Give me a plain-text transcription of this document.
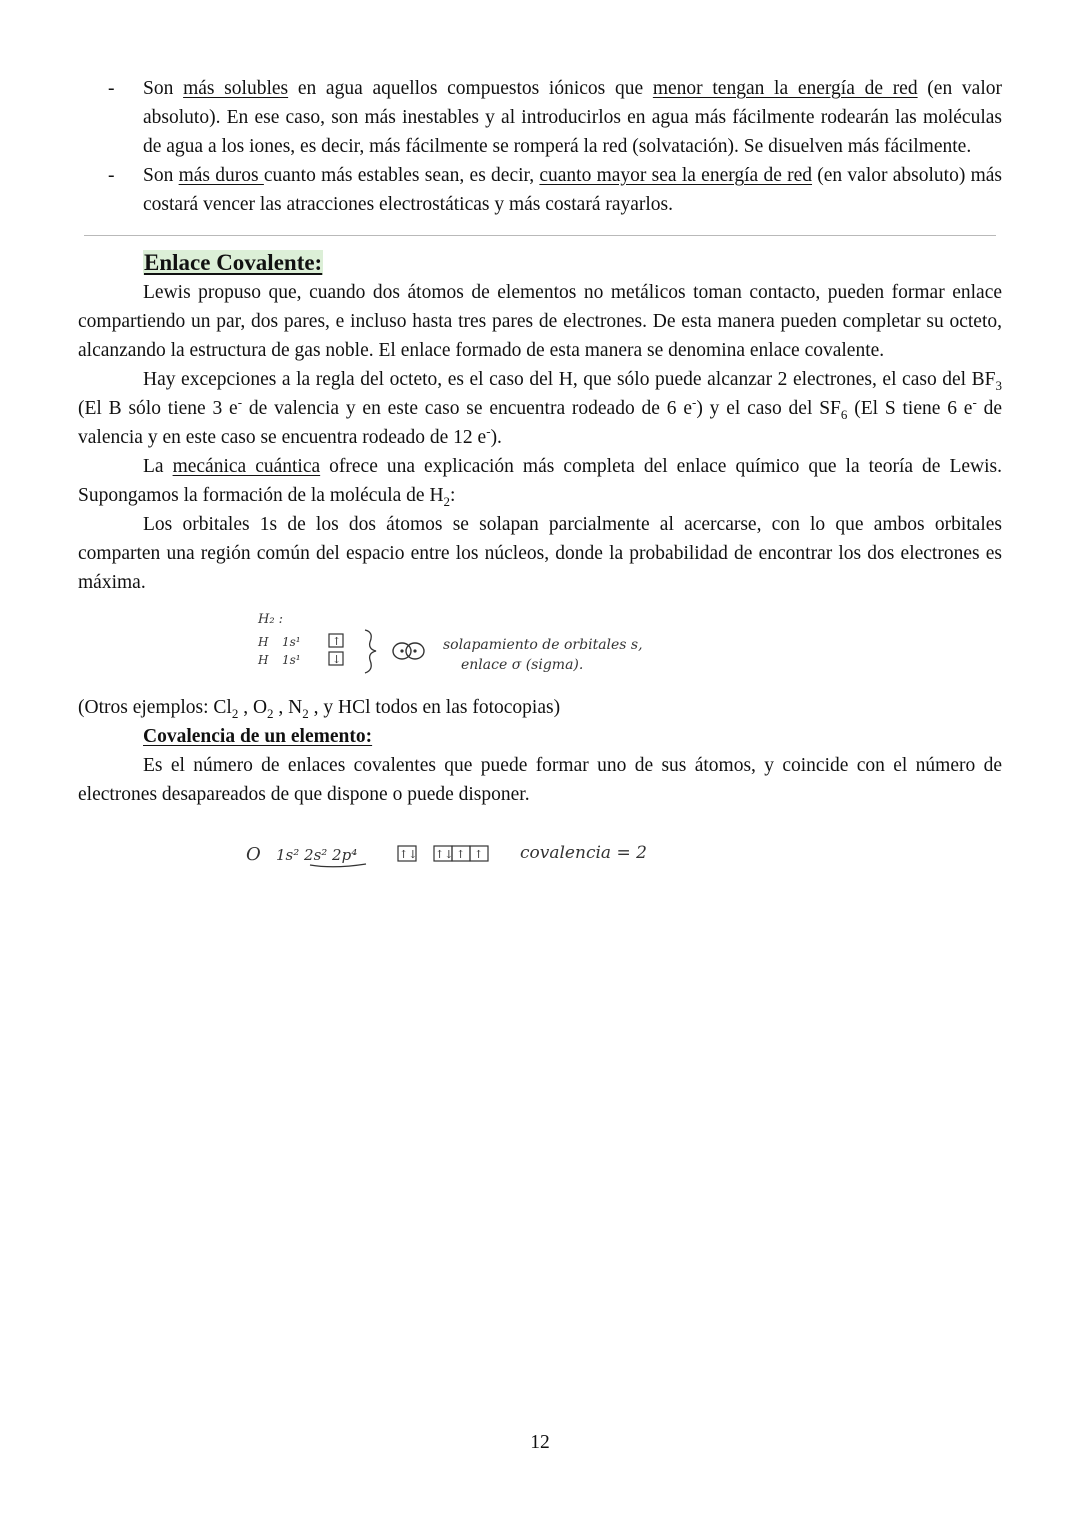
- Son más solubles en agua aquellos compuestos iónicos que menor tengan la energía de red (en valor absoluto). En ese caso, son más inestables y al introducirlos en agua más fácilmente rodearán las moléculas de agua a los iones, es decir, más fácilmente se romperá la red (solvatación). Se disuelven más fácilmente.
- Son más duros cuanto más estables sean, es decir, cuanto mayor sea la energía de red (en valor absoluto) más costará vencer las atracciones electrostáticas y más costará rayarlos.
Enlace Covalente:

Lewis propuso que, cuando dos átomos de elementos no metálicos toman contacto, pueden formar enlace compartiendo un par, dos pares, e incluso hasta tres pares de electrones. De esta manera pueden completar su octeto, alcanzando la estructura de gas noble. El enlace formado de esta manera se denomina enlace covalente.

Hay excepciones a la regla del octeto, es el caso del H, que sólo puede alcanzar 2 electrones, el caso del $BF_3$ (El B sólo tiene 3 e- de valencia y en este caso se encuentra rodeado de 6 e-) y el caso del $SF_6$ (El S tiene 6 e- de valencia y en este caso se encuentra rodeado de 12 e-).

La mecánica cuántica ofrece una explicación más completa del enlace químico que la teoría de Lewis. Supongamos la formación de la molécula de $H_2$:

Los orbitales 1s de los dos átomos se solapan parcialmente al acercarse, con lo que ambos orbitales comparten una región común del espacio entre los núcleos, donde la probabilidad de encontrar los dos electrones es máxima.

H₂ :
H 1s¹	↑
H 1s¹	↓
solapamiento de orbitales s,
enlace σ (sigma).

(Otros ejemplos: $Cl_2$ , $O_2$ , $N_2$ , y HCl todos en las fotocopias)

Covalencia de un elemento:

Es el número de enlaces covalentes que puede formar uno de sus átomos, y coincide con el número de electrones desapareados de que dispone o puede disponer.

O 1s² 2s² 2p⁴	↑↓ ↑↓ ↑ ↑ covalencia = 2
12
